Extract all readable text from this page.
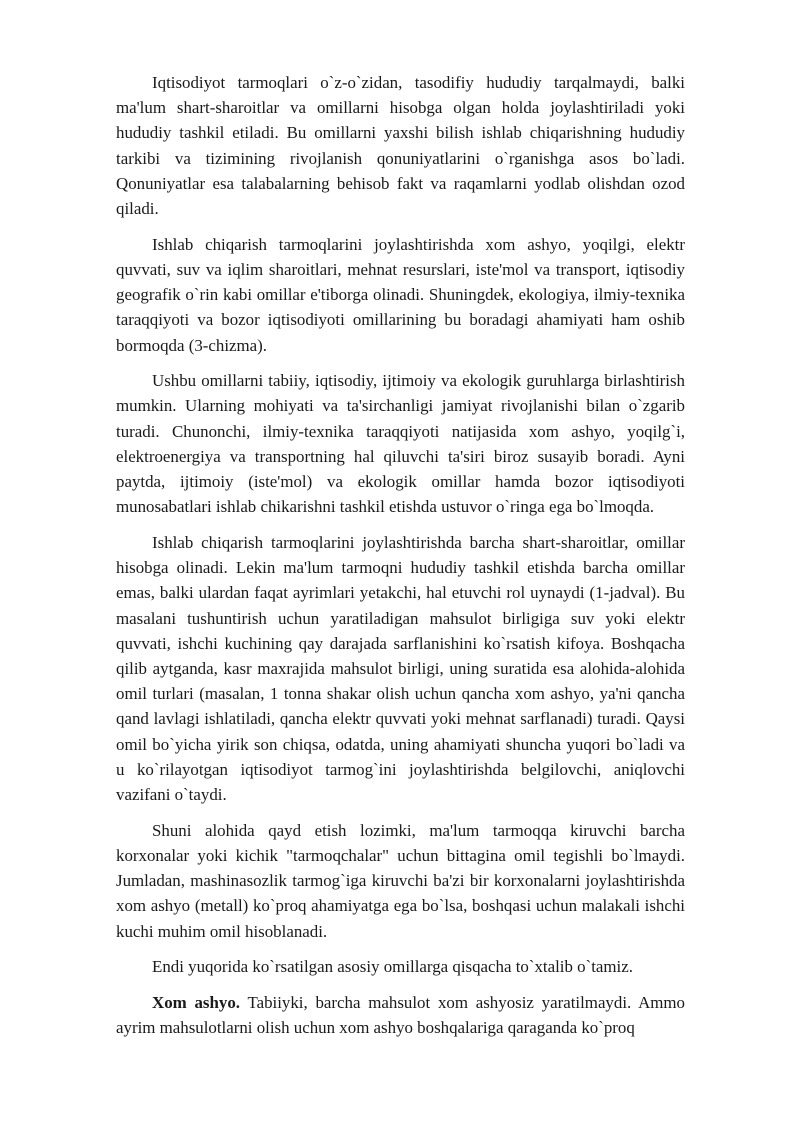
Iqtisodiyot tarmoqlari o`z-o`zidan, tasodifiy hududiy tarqalmaydi, balki ma'lum shart-sharoitlar va omillarni hisobga olgan holda joylashtiriladi yoki hududiy tashkil etiladi. Bu omillarni yaxshi bilish ishlab chiqarishning hududiy tarkibi va tizimining rivojlanish qonuniyatlarini o`rganishga asos bo`ladi. Qonuniyatlar esa talabalarning behisob fakt va raqamlarni yodlab olishdan ozod qiladi.

Ishlab chiqarish tarmoqlarini joylashtirishda xom ashyo, yoqilgi, elektr quvvati, suv va iqlim sharoitlari, mehnat resurslari, iste'mol va transport, iqtisodiy geografik o`rin kabi omillar e'tiborga olinadi. Shuningdek, ekologiya, ilmiy-texnika taraqqiyoti va bozor iqtisodiyoti omillarining bu boradagi ahamiyati ham oshib bormoqda (3-chizma).

Ushbu omillarni tabiiy, iqtisodiy, ijtimoiy va ekologik guruhlarga birlashtirish mumkin. Ularning mohiyati va ta'sirchanligi jamiyat rivojlanishi bilan o`zgarib turadi. Chunonchi, ilmiy-texnika taraqqiyoti natijasida xom ashyo, yoqilg`i, elektroenergiya va transportning hal qiluvchi ta'siri biroz susayib boradi. Ayni paytda, ijtimoiy (iste'mol) va ekologik omillar hamda bozor iqtisodiyoti munosabatlari ishlab chikarishni tashkil etishda ustuvor o`ringa ega bo`lmoqda.

Ishlab chiqarish tarmoqlarini joylashtirishda barcha shart-sharoitlar, omillar hisobga olinadi. Lekin ma'lum tarmoqni hududiy tashkil etishda barcha omillar emas, balki ulardan faqat ayrimlari yetakchi, hal etuvchi rol uynaydi (1-jadval). Bu masalani tushuntirish uchun yaratiladigan mahsulot birligiga suv yoki elektr quvvati, ishchi kuchining qay darajada sarflanishini ko`rsatish kifoya. Boshqacha qilib aytganda, kasr maxrajida mahsulot birligi, uning suratida esa alohida-alohida omil turlari (masalan, 1 tonna shakar olish uchun qancha xom ashyo, ya'ni qancha qand lavlagi ishlatiladi, qancha elektr quvvati yoki mehnat sarflanadi) turadi. Qaysi omil bo`yicha yirik son chiqsa, odatda, uning ahamiyati shuncha yuqori bo`ladi va u ko`rilayotgan iqtisodiyot tarmog`ini joylashtirishda belgilovchi, aniqlovchi vazifani o`taydi.

Shuni alohida qayd etish lozimki, ma'lum tarmoqqa kiruvchi barcha korxonalar yoki kichik "tarmoqchalar" uchun bittagina omil tegishli bo`lmaydi. Jumladan, mashinasozlik tarmog`iga kiruvchi ba'zi bir korxonalarni joylashtirishda xom ashyo (metall) ko`proq ahamiyatga ega bo`lsa, boshqasi uchun malakali ishchi kuchi muhim omil hisoblanadi.

Endi yuqorida ko`rsatilgan asosiy omillarga qisqacha to`xtalib o`tamiz.

Xom ashyo. Tabiiyki, barcha mahsulot xom ashyosiz yaratilmaydi. Ammo ayrim mahsulotlarni olish uchun xom ashyo boshqalariga qaraganda ko`proq
